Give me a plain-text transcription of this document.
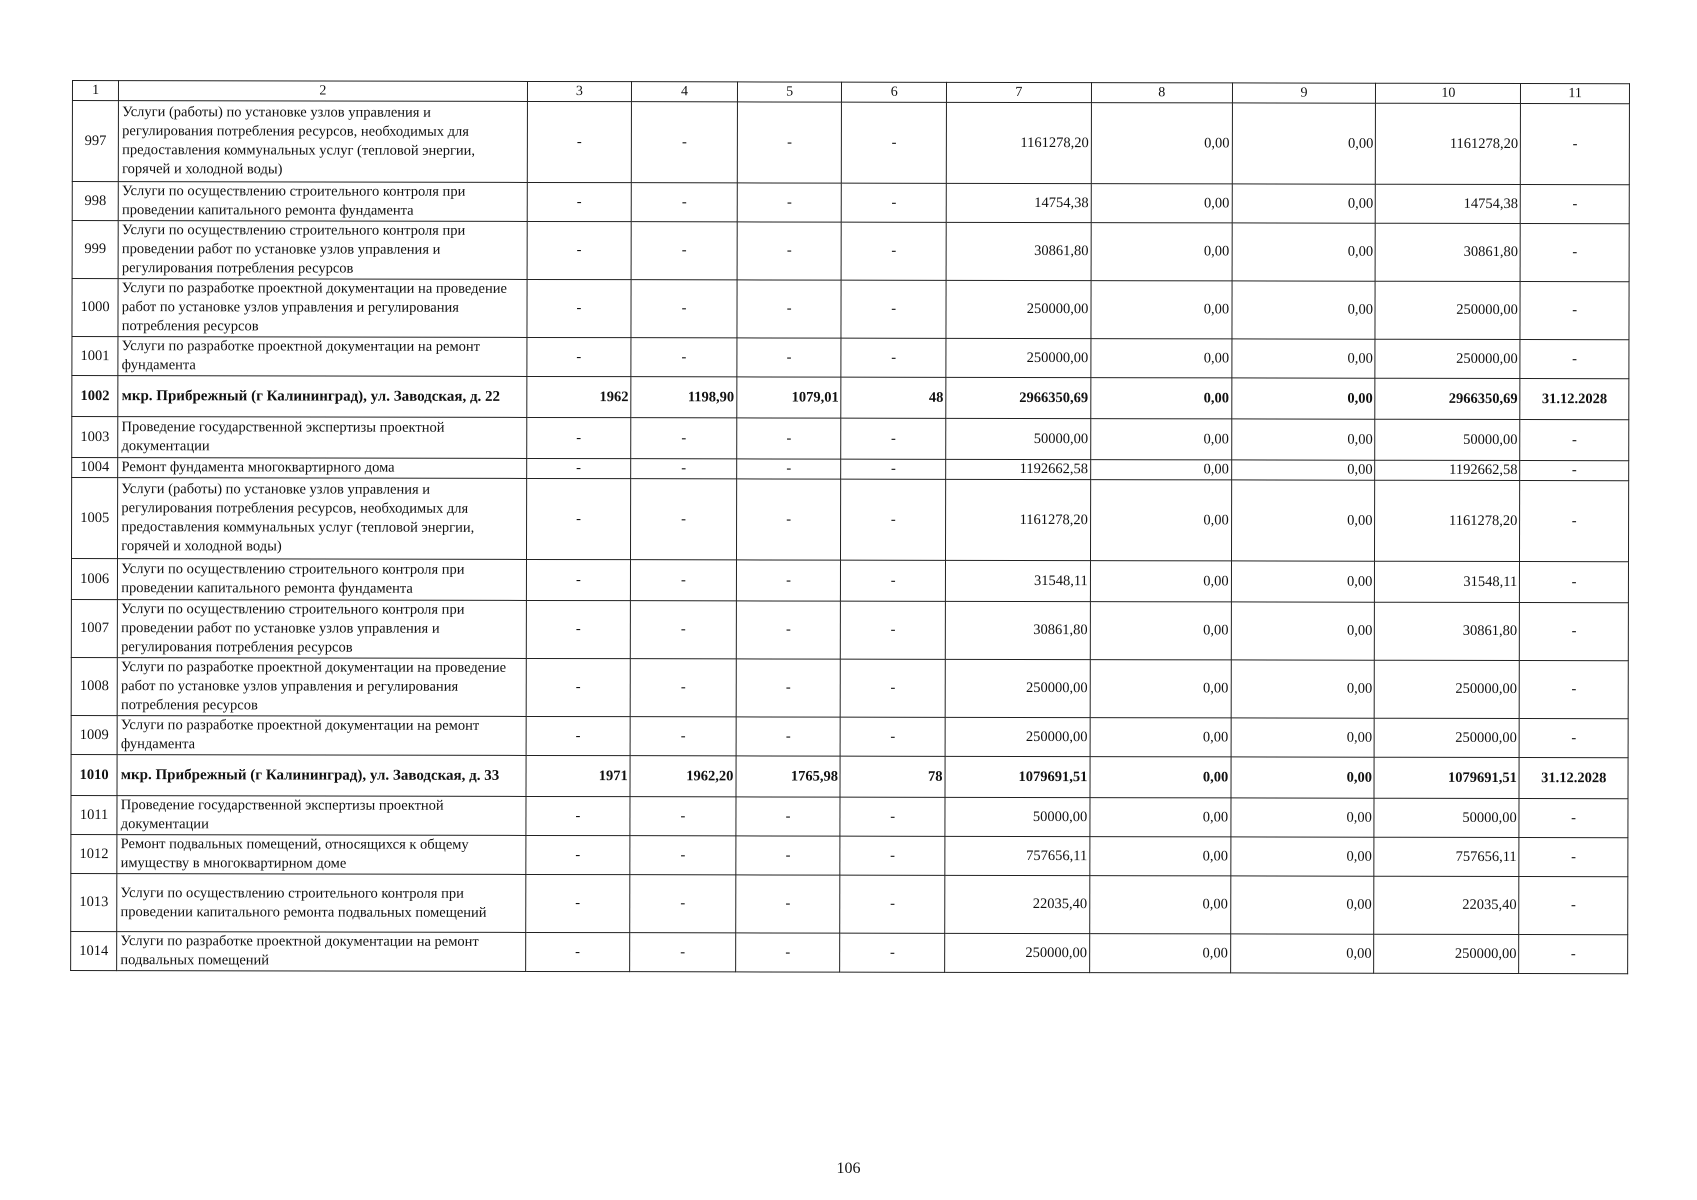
1	2	3	4	5	6	7	8	9	10	11
997	Услуги (работы) по установке узлов управления и регулирования потребления ресурсов, необходимых для предоставления коммунальных услуг (тепловой энергии, горячей и холодной воды)	-	-	-	-	1161278,20	0,00	0,00	1161278,20	-
998	Услуги по осуществлению строительного контроля при проведении капитального ремонта фундамента	-	-	-	-	14754,38	0,00	0,00	14754,38	-
999	Услуги по осуществлению строительного контроля при проведении работ по установке узлов управления и регулирования потребления ресурсов	-	-	-	-	30861,80	0,00	0,00	30861,80	-
1000	Услуги по разработке проектной документации на проведение работ по установке узлов управления и регулирования потребления ресурсов	-	-	-	-	250000,00	0,00	0,00	250000,00	-
1001	Услуги по разработке проектной документации на ремонт фундамента	-	-	-	-	250000,00	0,00	0,00	250000,00	-
1002	мкр. Прибрежный (г Калининград), ул. Заводская, д. 22	1962	1198,90	1079,01	48	2966350,69	0,00	0,00	2966350,69	31.12.2028
1003	Проведение государственной экспертизы проектной документации	-	-	-	-	50000,00	0,00	0,00	50000,00	-
1004	Ремонт фундамента многоквартирного дома	-	-	-	-	1192662,58	0,00	0,00	1192662,58	-
1005	Услуги (работы) по установке узлов управления и регулирования потребления ресурсов, необходимых для предоставления коммунальных услуг (тепловой энергии, горячей и холодной воды)	-	-	-	-	1161278,20	0,00	0,00	1161278,20	-
1006	Услуги по осуществлению строительного контроля при проведении капитального ремонта фундамента	-	-	-	-	31548,11	0,00	0,00	31548,11	-
1007	Услуги по осуществлению строительного контроля при проведении работ по установке узлов управления и регулирования потребления ресурсов	-	-	-	-	30861,80	0,00	0,00	30861,80	-
1008	Услуги по разработке проектной документации на проведение работ по установке узлов управления и регулирования потребления ресурсов	-	-	-	-	250000,00	0,00	0,00	250000,00	-
1009	Услуги по разработке проектной документации на ремонт фундамента	-	-	-	-	250000,00	0,00	0,00	250000,00	-
1010	мкр. Прибрежный (г Калининград), ул. Заводская, д. 33	1971	1962,20	1765,98	78	1079691,51	0,00	0,00	1079691,51	31.12.2028
1011	Проведение государственной экспертизы проектной документации	-	-	-	-	50000,00	0,00	0,00	50000,00	-
1012	Ремонт подвальных помещений, относящихся к общему имуществу в многоквартирном доме	-	-	-	-	757656,11	0,00	0,00	757656,11	-
1013	Услуги по осуществлению строительного контроля при проведении капитального ремонта подвальных помещений	-	-	-	-	22035,40	0,00	0,00	22035,40	-
1014	Услуги по разработке проектной документации на ремонт подвальных помещений	-	-	-	-	250000,00	0,00	0,00	250000,00	-
106
